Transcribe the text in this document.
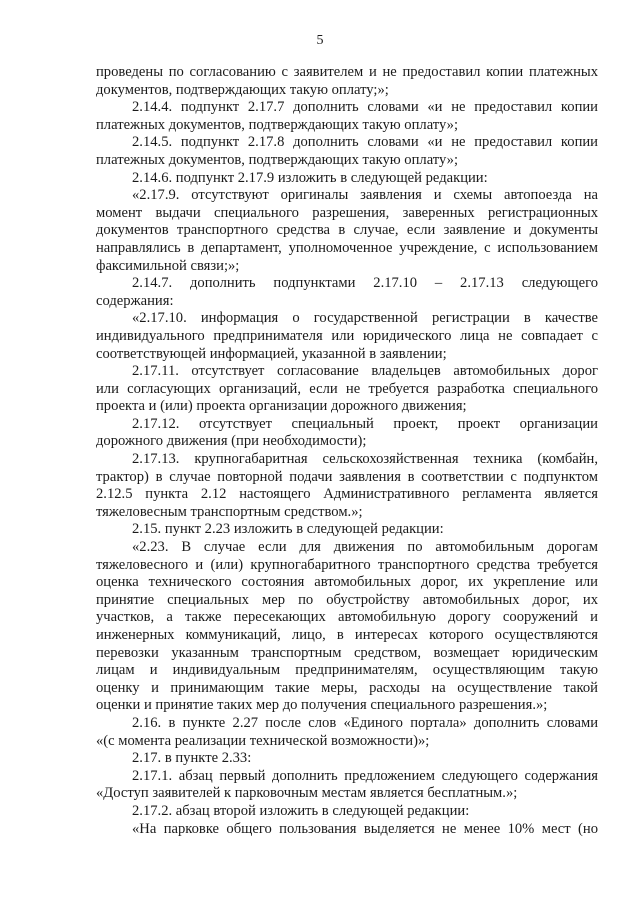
5
проведены по согласованию с заявителем и не предоставил копии платежных
документов, подтверждающих такую оплату;»;
2.14.4. подпункт 2.17.7 дополнить словами «и не предоставил копии
платежных документов, подтверждающих такую оплату»;
2.14.5. подпункт 2.17.8 дополнить словами «и не предоставил копии
платежных документов, подтверждающих такую оплату»;
2.14.6. подпункт 2.17.9 изложить в следующей редакции:
«2.17.9. отсутствуют оригиналы заявления и схемы автопоезда на
момент выдачи специального разрешения, заверенных регистрационных
документов транспортного средства в случае, если заявление и документы
направлялись в департамент, уполномоченное учреждение, с использованием
факсимильной связи;»;
2.14.7. дополнить подпунктами 2.17.10 – 2.17.13 следующего
содержания:
«2.17.10. информация о государственной регистрации в качестве
индивидуального предпринимателя или юридического лица не совпадает с
соответствующей информацией, указанной в заявлении;
2.17.11. отсутствует согласование владельцев автомобильных дорог
или согласующих организаций, если не требуется разработка специального
проекта и (или) проекта организации дорожного движения;
2.17.12. отсутствует специальный проект, проект организации
дорожного движения (при необходимости);
2.17.13. крупногабаритная сельскохозяйственная техника (комбайн,
трактор) в случае повторной подачи заявления в соответствии с подпунктом
2.12.5 пункта 2.12 настоящего Административного регламента является
тяжеловесным транспортным средством.»;
2.15. пункт 2.23 изложить в следующей редакции:
«2.23. В случае если для движения по автомобильным дорогам
тяжеловесного и (или) крупногабаритного транспортного средства требуется
оценка технического состояния автомобильных дорог, их укрепление или
принятие специальных мер по обустройству автомобильных дорог, их
участков, а также пересекающих автомобильную дорогу сооружений и
инженерных коммуникаций, лицо, в интересах которого осуществляются
перевозки указанным транспортным средством, возмещает юридическим
лицам и индивидуальным предпринимателям, осуществляющим такую
оценку и принимающим такие меры, расходы на осуществление такой
оценки и принятие таких мер до получения специального разрешения.»;
2.16. в пункте 2.27 после слов «Единого портала» дополнить словами
«(с момента реализации технической возможности)»;
2.17. в пункте 2.33:
2.17.1. абзац первый дополнить предложением следующего содержания
«Доступ заявителей к парковочным местам является бесплатным.»;
2.17.2. абзац второй изложить в следующей редакции:
«На парковке общего пользования выделяется не менее 10% мест (но
